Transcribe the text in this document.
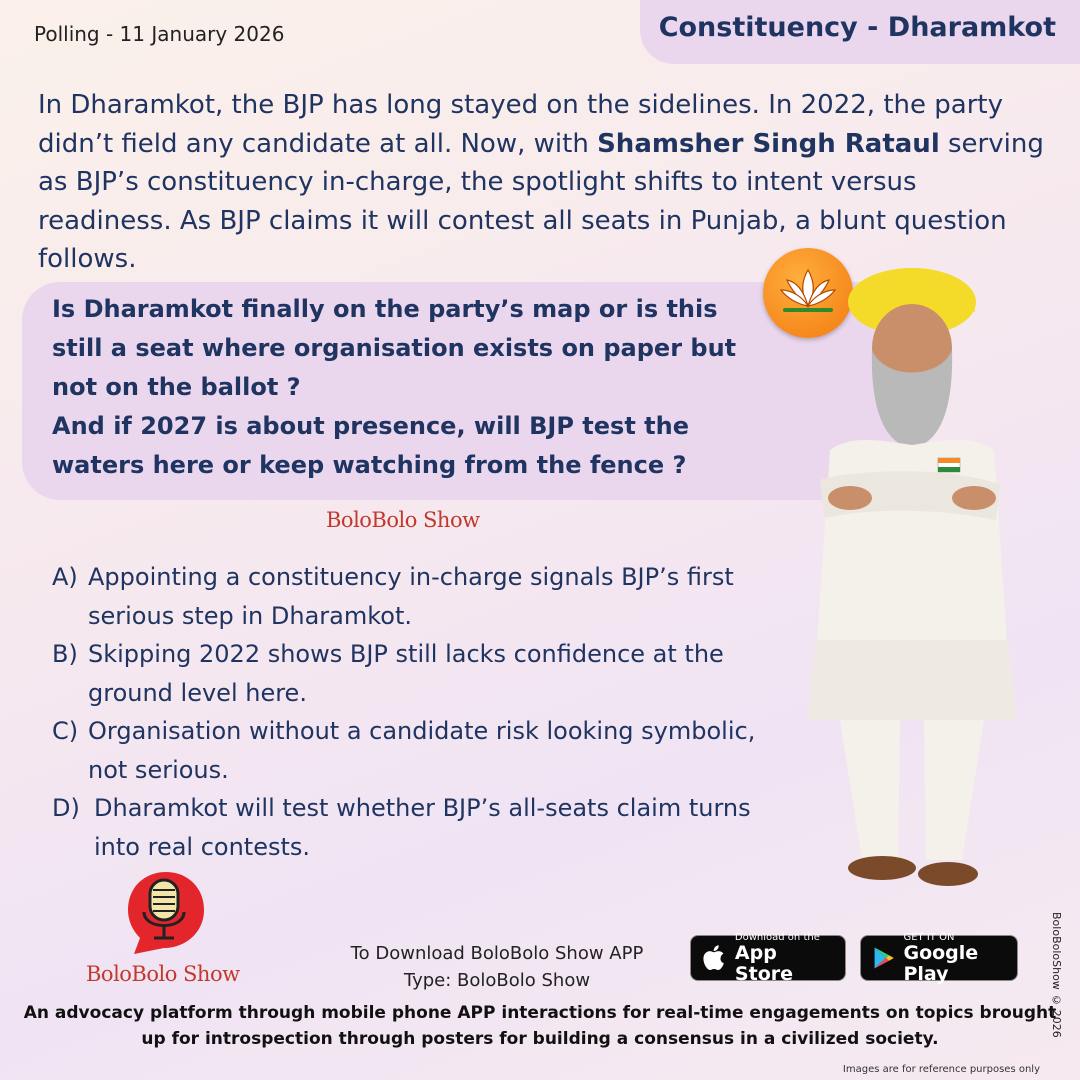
Polling - 11 January 2026	Constituency - Dharamkot
In Dharamkot, the BJP has long stayed on the sidelines. In 2022, the party didn’t field any candidate at all. Now, with Shamsher Singh Rataul serving as BJP’s constituency in-charge, the spotlight shifts to intent versus readiness. As BJP claims it will contest all seats in Punjab, a blunt question follows.

Is Dharamkot finally on the party’s map or is this still a seat where organisation exists on paper but not on the ballot ?

And if 2027 is about presence, will BJP test the waters here or keep watching from the fence ?

BoloBolo Show
A) Appointing a constituency in-charge signals BJP’s first serious step in Dharamkot.
B) Skipping 2022 shows BJP still lacks confidence at the ground level here.
C) Organisation without a candidate risk looking symbolic, not serious.
D) Dharamkot will test whether BJP’s all-seats claim turns into real contests.
BoloBolo Show
To Download BoloBolo Show APP
Type: BoloBolo Show
Download on the
App Store
GET IT ON
Google Play
An advocacy platform through mobile phone APP interactions for real-time engagements on topics brought up for introspection through posters for building a consensus in a civilized society.
Images are for reference purposes only
BoloBoloShow © 2026
